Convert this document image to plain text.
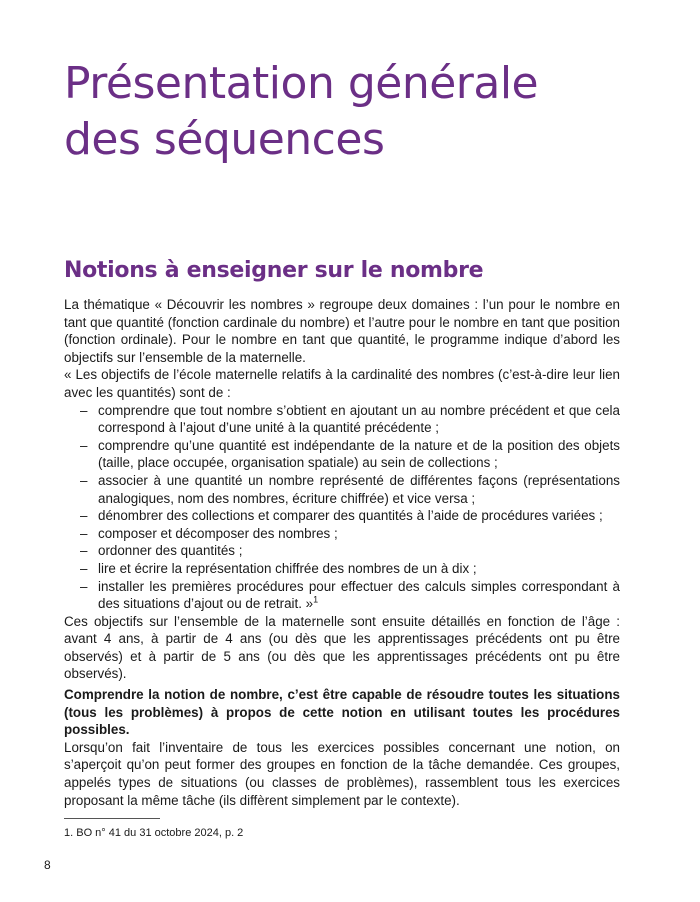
Présentation générale
des séquences
Notions à enseigner sur le nombre

La thématique « Découvrir les nombres » regroupe deux domaines : l’un pour le nombre en tant que quantité (fonction cardinale du nombre) et l’autre pour le nombre en tant que position (fonction ordinale). Pour le nombre en tant que quantité, le programme indique d’abord les objectifs sur l’ensemble de la maternelle.

« Les objectifs de l’école maternelle relatifs à la cardinalité des nombres (c’est-à-dire leur lien avec les quantités) sont de :

– comprendre que tout nombre s’obtient en ajoutant un au nombre précédent et que cela correspond à l’ajout d’une unité à la quantité précédente ;
– comprendre qu’une quantité est indépendante de la nature et de la position des objets (taille, place occupée, organisation spatiale) au sein de collections ;
– associer à une quantité un nombre représenté de différentes façons (représentations analogiques, nom des nombres, écriture chiffrée) et vice versa ;
– dénombrer des collections et comparer des quantités à l’aide de procédures variées ;
– composer et décomposer des nombres ;
– ordonner des quantités ;
– lire et écrire la représentation chiffrée des nombres de un à dix ;
– installer les premières procédures pour effectuer des calculs simples correspondant à des situations d’ajout ou de retrait. »$^1$

Ces objectifs sur l’ensemble de la maternelle sont ensuite détaillés en fonction de l’âge : avant 4 ans, à partir de 4 ans (ou dès que les apprentissages précédents ont pu être observés) et à partir de 5 ans (ou dès que les apprentissages précédents ont pu être observés).

Comprendre la notion de nombre, c’est être capable de résoudre toutes les situations (tous les problèmes) à propos de cette notion en utilisant toutes les procédures possibles.

Lorsqu’on fait l’inventaire de tous les exercices possibles concernant une notion, on s’aperçoit qu’on peut former des groupes en fonction de la tâche demandée. Ces groupes, appelés types de situations (ou classes de problèmes), rassemblent tous les exercices proposant la même tâche (ils diffèrent simplement par le contexte).

1. BO n° 41 du 31 octobre 2024, p. 2
8
